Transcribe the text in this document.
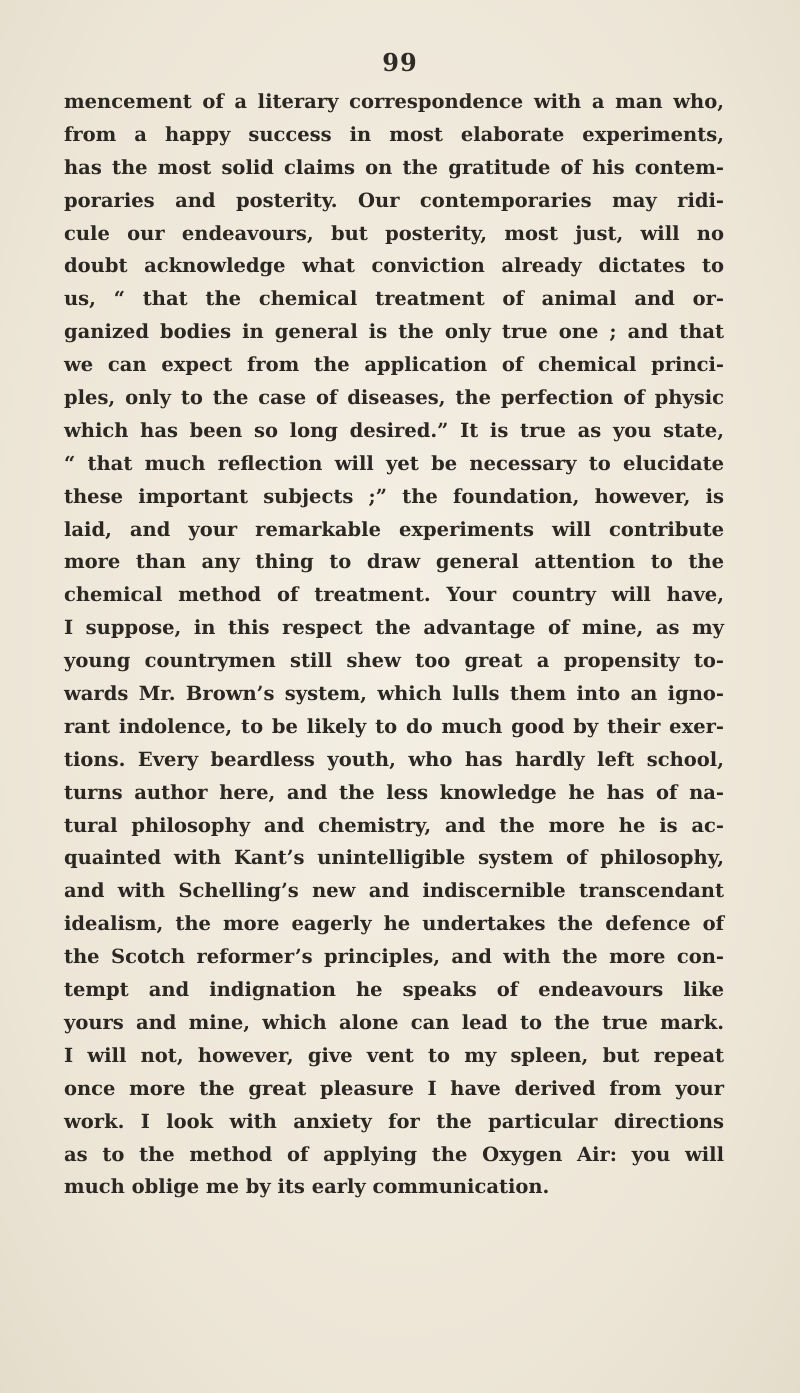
99
mencement of a literary correspondence with a man who,
from a happy success in most elaborate experiments,
has the most solid claims on the gratitude of his contem-
poraries and posterity. Our contemporaries may ridi-
cule our endeavours, but posterity, most just, will no
doubt acknowledge what conviction already dictates to
us, “ that the chemical treatment of animal and or-
ganized bodies in general is the only true one ; and that
we can expect from the application of chemical princi-
ples, only to the case of diseases, the perfection of physic
which has been so long desired.” It is true as you state,
“ that much reflection will yet be necessary to elucidate
these important subjects ;” the foundation, however, is
laid, and your remarkable experiments will contribute
more than any thing to draw general attention to the
chemical method of treatment. Your country will have,
I suppose, in this respect the advantage of mine, as my
young countrymen still shew too great a propensity to-
wards Mr. Brown’s system, which lulls them into an igno-
rant indolence, to be likely to do much good by their exer-
tions. Every beardless youth, who has hardly left school,
turns author here, and the less knowledge he has of na-
tural philosophy and chemistry, and the more he is ac-
quainted with Kant’s unintelligible system of philosophy,
and with Schelling’s new and indiscernible transcendant
idealism, the more eagerly he undertakes the defence of
the Scotch reformer’s principles, and with the more con-
tempt and indignation he speaks of endeavours like
yours and mine, which alone can lead to the true mark.
I will not, however, give vent to my spleen, but repeat
once more the great pleasure I have derived from your
work. I look with anxiety for the particular directions
as to the method of applying the Oxygen Air: you will
much oblige me by its early communication.
